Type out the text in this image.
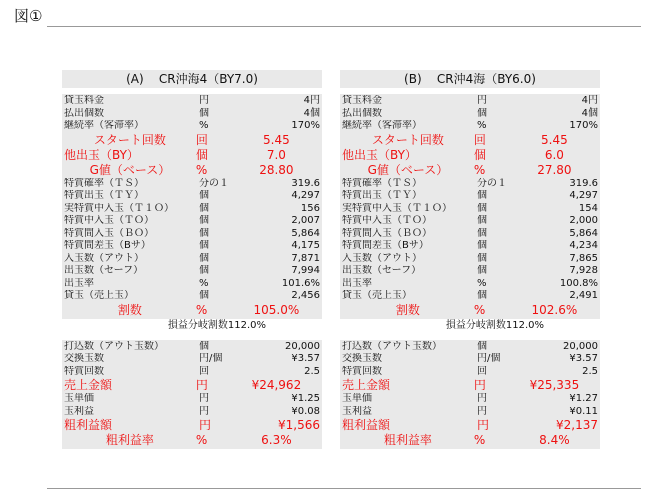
図①
(A)    CR沖海4（BY7.0)
貸玉料金	円	4円
払出個数	個	4個
継続率（客滞率）	%	170%
スタート回数	回	5.45
他出玉（BY）	個	7.0
G値（ベース）	%	28.80
特賞確率（ＴＳ）	分の１	319.6
特賞出玉（ＴＹ）	個	4,297
実特賞中入玉（Ｔ１Ｏ）	個	156
特賞中入玉（ＴＯ）	個	2,007
特賞間入玉（ＢＯ）	個	5,864
特賞間差玉（Bサ）	個	4,175
入玉数（アウト）	個	7,871
出玉数（セーフ）	個	7,994
出玉率	%	101.6%
貸玉（売上玉）	個	2,456
割数	%	105.0%
損益分岐割数112.0%
打込数（アウト玉数）	個	20,000
交換玉数	円/個	¥3.57
特賞回数	回	2.5
売上金額	円	¥24,962
玉単価	円	¥1.25
玉利益	円	¥0.08
粗利益額	円	¥1,566
粗利益率	%	6.3%
(B)    CR沖4海（BY6.0)
貸玉料金	円	4円
払出個数	個	4個
継続率（客滞率）	%	170%
スタート回数	回	5.45
他出玉（BY）	個	6.0
G値（ベース）	%	27.80
特賞確率（ＴＳ）	分の１	319.6
特賞出玉（ＴＹ）	個	4,297
実特賞中入玉（Ｔ１Ｏ）	個	154
特賞中入玉（ＴＯ）	個	2,000
特賞間入玉（ＢＯ）	個	5,864
特賞間差玉（Bサ）	個	4,234
入玉数（アウト）	個	7,865
出玉数（セーフ）	個	7,928
出玉率	%	100.8%
貸玉（売上玉）	個	2,491
割数	%	102.6%
損益分岐割数112.0%
打込数（アウト玉数）	個	20,000
交換玉数	円/個	¥3.57
特賞回数	回	2.5
売上金額	円	¥25,335
玉単価	円	¥1.27
玉利益	円	¥0.11
粗利益額	円	¥2,137
粗利益率	%	8.4%
